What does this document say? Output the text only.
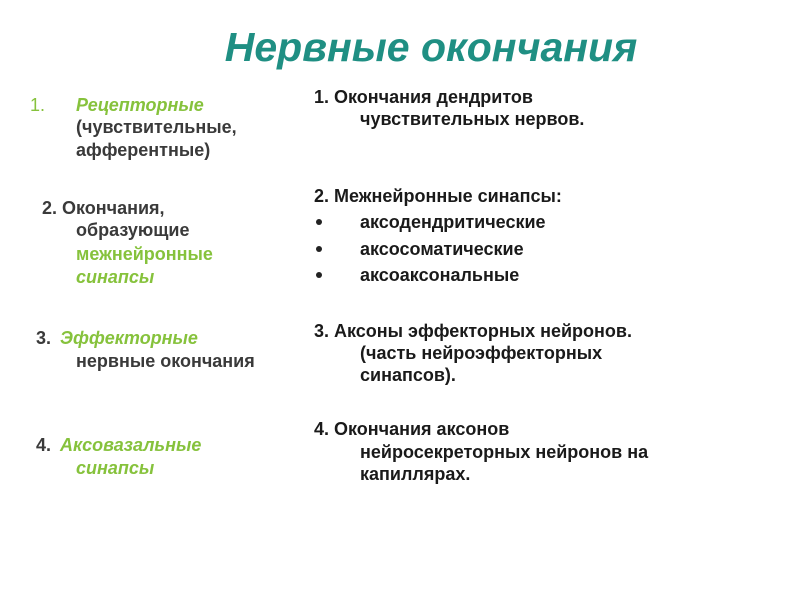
Нервные окончания
1. Рецепторные
(чувствительные,
афферентные)
2. Окончания,
образующие
межнейронные
синапсы
3. Эффекторные
нервные окончания
4. Аксовазальные
синапсы
1. Окончания дендритов
чувствительных нервов.
2. Межнейронные синапсы:
аксодендритические
аксосоматические
аксоаксональные
3. Аксоны эффекторных нейронов.
(часть нейроэффекторных
синапсов).
4. Окончания аксонов
нейросекреторных нейронов на
капиллярах.
